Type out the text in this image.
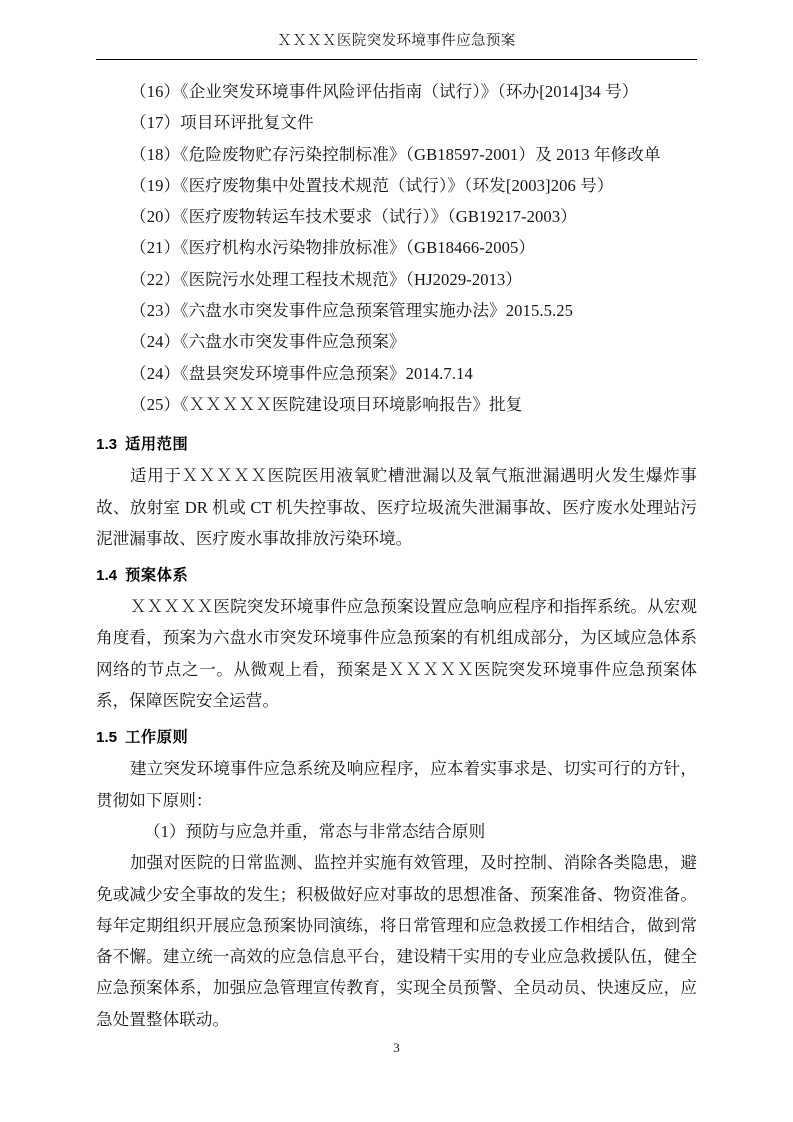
ＸＸＸＸ医院突发环境事件应急预案
（16）《企业突发环境事件风险评估指南（试行）》（环办[2014]34 号）
（17）项目环评批复文件
（18）《危险废物贮存污染控制标准》（GB18597-2001）及 2013 年修改单
（19）《医疗废物集中处置技术规范（试行）》（环发[2003]206 号）
（20）《医疗废物转运车技术要求（试行）》（GB19217-2003）
（21）《医疗机构水污染物排放标准》（GB18466-2005）
（22）《医院污水处理工程技术规范》（HJ2029-2013）
（23）《六盘水市突发事件应急预案管理实施办法》2015.5.25
（24）《六盘水市突发事件应急预案》
（24）《盘县突发环境事件应急预案》2014.7.14
（25）《ＸＸＸＸＸ医院建设项目环境影响报告》批复
1.3 适用范围

适用于ＸＸＸＸＸ医院医用液氧贮槽泄漏以及氧气瓶泄漏遇明火发生爆炸事故、放射室 DR 机或 CT 机失控事故、医疗垃圾流失泄漏事故、医疗废水处理站污泥泄漏事故、医疗废水事故排放污染环境。

1.4 预案体系

ＸＸＸＸＸ医院突发环境事件应急预案设置应急响应程序和指挥系统。从宏观角度看，预案为六盘水市突发环境事件应急预案的有机组成部分，为区域应急体系网络的节点之一。从微观上看，预案是ＸＸＸＸＸ医院突发环境事件应急预案体系，保障医院安全运营。

1.5 工作原则

建立突发环境事件应急系统及响应程序，应本着实事求是、切实可行的方针，贯彻如下原则：

（1）预防与应急并重，常态与非常态结合原则

加强对医院的日常监测、监控并实施有效管理，及时控制、消除各类隐患，避免或减少安全事故的发生；积极做好应对事故的思想准备、预案准备、物资准备。每年定期组织开展应急预案协同演练，将日常管理和应急救援工作相结合，做到常备不懈。建立统一高效的应急信息平台，建设精干实用的专业应急救援队伍，健全应急预案体系，加强应急管理宣传教育，实现全员预警、全员动员、快速反应，应急处置整体联动。

3
